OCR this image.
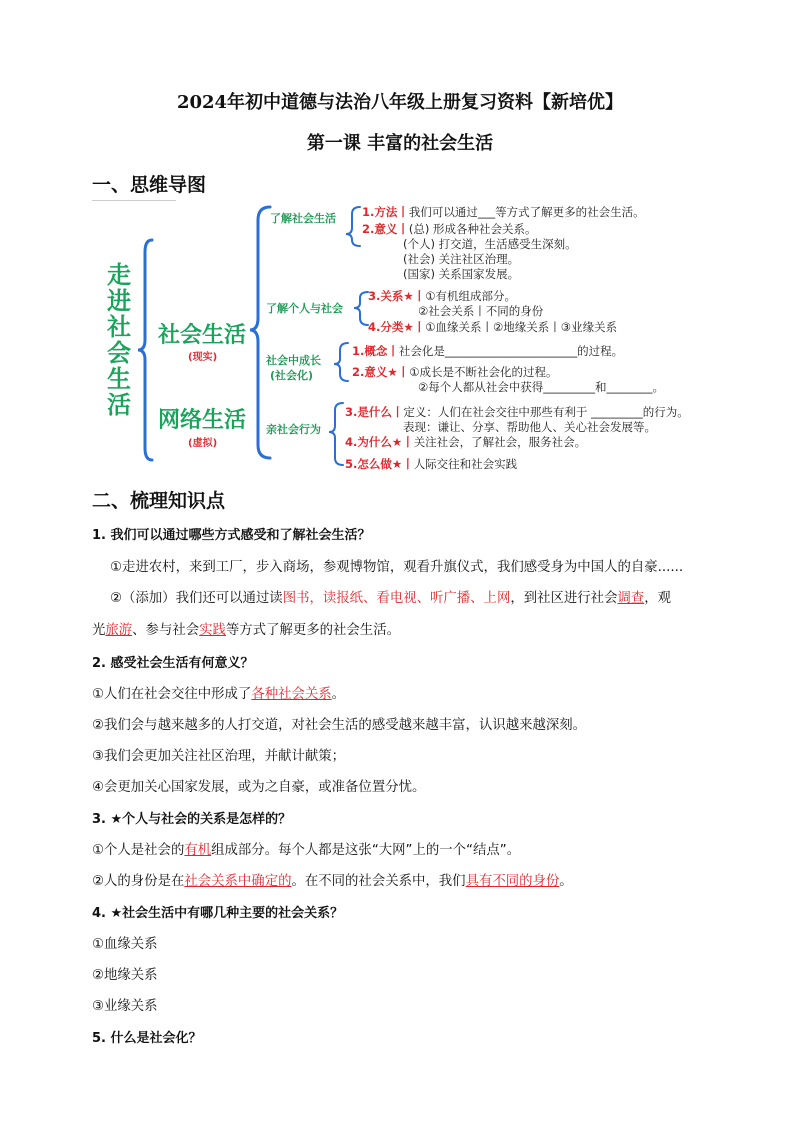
2024年初中道德与法治八年级上册复习资料【新培优】
第一课 丰富的社会生活
一、思维导图
走
进
社
会
生
活
社会生活
(现实)
网络生活
(虚拟)
了解社会生活 1.方法丨我们可以通过___等方式了解更多的社会生活。
2.意义丨(总) 形成各种社会关系。
(个人) 打交道，生活感受生深刻。
(社会) 关注社区治理。
(国家) 关系国家发展。
了解个人与社会
3.关系★丨①有机组成部分。
②社会关系丨不同的身份
4.分类★丨①血缘关系丨②地缘关系丨③业缘关系
社会中成长
(社会化)
1.概念丨社会化是_______________________的过程。
2.意义★丨①成长是不断社会化的过程。
②每个人都从社会中获得_________和________。
亲社会行为
3.是什么丨定义：人们在社会交往中那些有利于 _________的行为。
表现：谦让、分享、帮助他人、关心社会发展等。
4.为什么★丨关注社会，了解社会，服务社会。
5.怎么做★丨人际交往和社会实践
二、梳理知识点
1. 我们可以通过哪些方式感受和了解社会生活？
①走进农村，来到工厂，步入商场，参观博物馆，观看升旗仪式，我们感受身为中国人的自豪......
②（添加）我们还可以通过读图书，读报纸、看电视、听广播、上网，到社区进行社会调查，观
光旅游、参与社会实践等方式了解更多的社会生活。
2. 感受社会生活有何意义？
①人们在社会交往中形成了各种社会关系。
②我们会与越来越多的人打交道，对社会生活的感受越来越丰富，认识越来越深刻。
③我们会更加关注社区治理，并献计献策；
④会更加关心国家发展，或为之自豪，或准备位置分忧。
3. ★个人与社会的关系是怎样的？
①个人是社会的有机组成部分。每个人都是这张“大网”上的一个“结点”。
②人的身份是在社会关系中确定的。在不同的社会关系中，我们具有不同的身份。
4. ★社会生活中有哪几种主要的社会关系？
①血缘关系
②地缘关系
③业缘关系
5. 什么是社会化？
